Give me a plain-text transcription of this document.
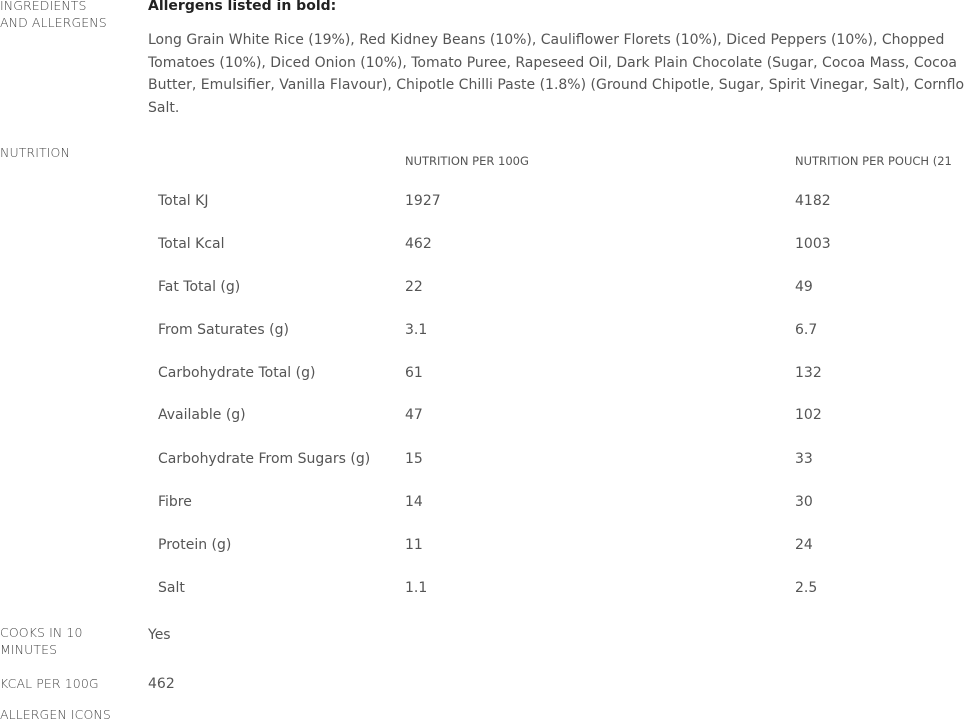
INGREDIENTS
AND ALLERGENS
Allergens listed in bold:
Long Grain White Rice (19%), Red Kidney Beans (10%), Cauliflower Florets (10%), Diced Peppers (10%), Chopped
Tomatoes (10%), Diced Onion (10%), Tomato Puree, Rapeseed Oil, Dark Plain Chocolate (Sugar, Cocoa Mass, Cocoa
Butter, Emulsifier, Vanilla Flavour), Chipotle Chilli Paste (1.8%) (Ground Chipotle, Sugar, Spirit Vinegar, Salt), Cornflo
Salt.
NUTRITION
NUTRITION PER 100G	NUTRITION PER POUCH (21
Total KJ	1927	4182
Total Kcal	462	1003
Fat Total (g)	22	49
From Saturates (g)	3.1	6.7
Carbohydrate Total (g)	61	132
Available (g)	47	102
Carbohydrate From Sugars (g) 15	33
Fibre	14	30
Protein (g)	11	24
Salt	1.1	2.5
COOKS IN 10
MINUTES
Yes
KCAL PER 100G	462
ALLERGEN ICONS
